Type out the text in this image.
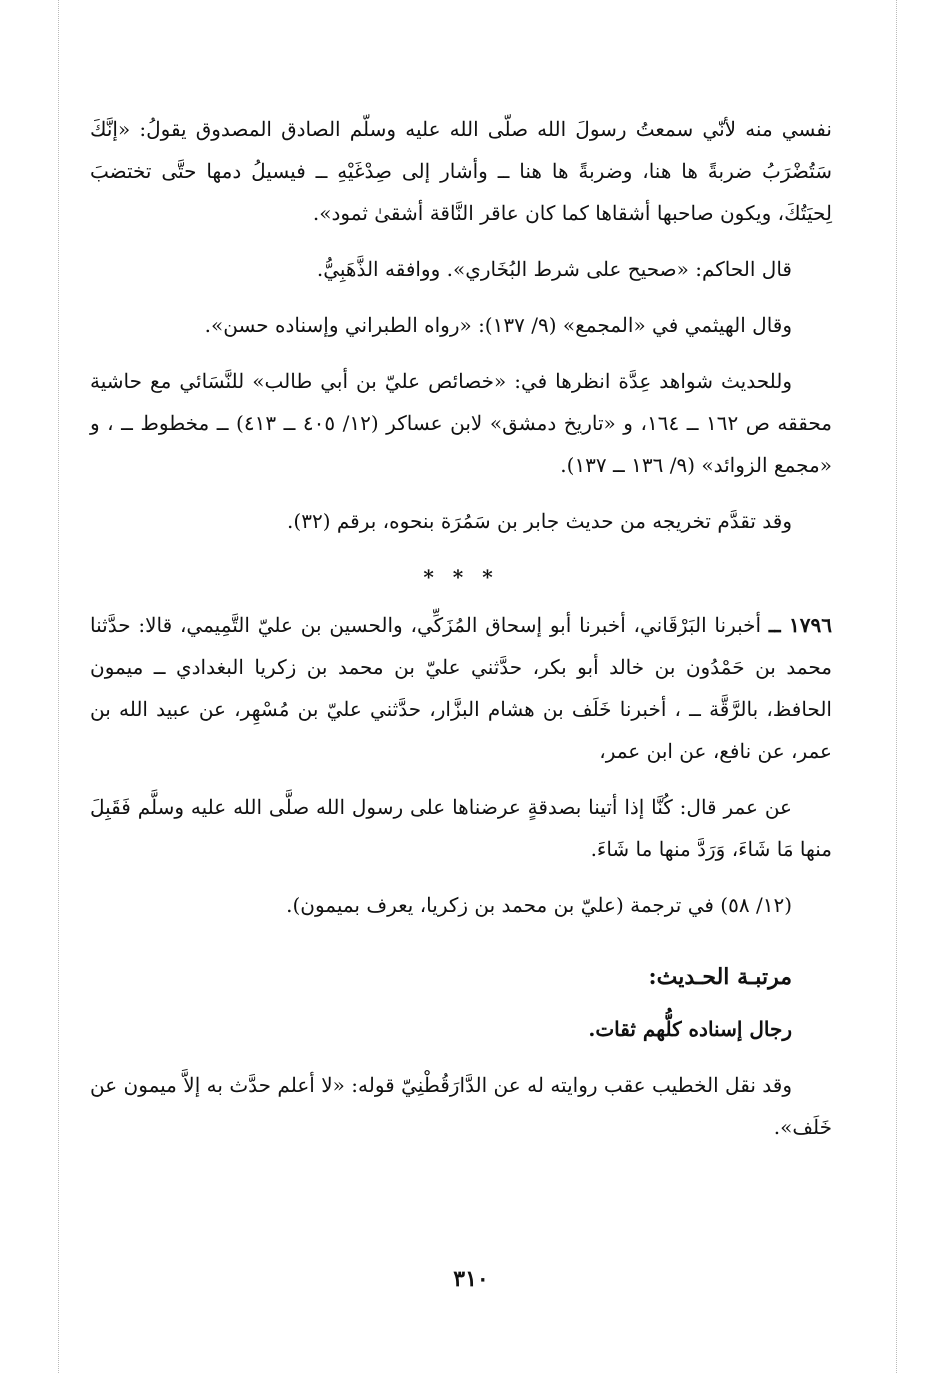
نفسي منه لأنّي سمعتُ رسولَ الله صلّى الله عليه وسلّم الصادق المصدوق يقولُ: «إنَّكَ سَتُضْرَبُ ضربةً ها هنا، وضربةً ها هنا ــ وأشار إلى صِدْغَيْهِ ــ فيسيلُ دمها حتَّى تختضبَ لِحيَتُكَ، ويكون صاحبها أشقاها كما كان عاقر النَّاقة أشقىٰ ثمود».

قال الحاكم: «صحيح على شرط البُخَاري». ووافقه الذَّهَبِيُّ.

وقال الهيثمي في «المجمع» (٩/ ١٣٧): «رواه الطبراني وإسناده حسن».

وللحديث شواهد عِدَّة انظرها في: «خصائص عليّ بن أبي طالب» للنَّسَائي مع حاشية محققه ص ١٦٢ ــ ١٦٤، و «تاريخ دمشق» لابن عساكر (١٢/ ٤٠٥ ــ ٤١٣) ــ مخطوط ــ ، و «مجمع الزوائد» (٩/ ١٣٦ ــ ١٣٧).

وقد تقدَّم تخريجه من حديث جابر بن سَمُرَة بنحوه، برقم (٣٢).

* * *

١٧٩٦ ــ أخبرنا البَرْقَاني، أخبرنا أبو إسحاق المُزَكِّي، والحسين بن عليّ التَّمِيمي، قالا: حدَّثنا محمد بن حَمْدُون بن خالد أبو بكر، حدَّثني عليّ بن محمد بن زكريا البغدادي ــ ميمون الحافظ، بالرَّقَّة ــ ، أخبرنا خَلَف بن هشام البزَّار، حدَّثني عليّ بن مُسْهِر، عن عبيد الله بن عمر، عن نافع، عن ابن عمر،

عن عمر قال: كُنَّا إذا أتينا بصدقةٍ عرضناها على رسول الله صلَّى الله عليه وسلَّم فَقَبِلَ منها مَا شَاءَ، وَرَدَّ منها ما شَاءَ.

(١٢/ ٥٨) في ترجمة (عليّ بن محمد بن زكريا، يعرف بميمون).

مرتبـة الحـديث:
رجال إسناده كلُّهم ثقات.

وقد نقل الخطيب عقب روايته له عن الدَّارَقُطْنِيّ قوله: «لا أعلم حدَّث به إلاَّ ميمون عن خَلَف».

٣١٠
